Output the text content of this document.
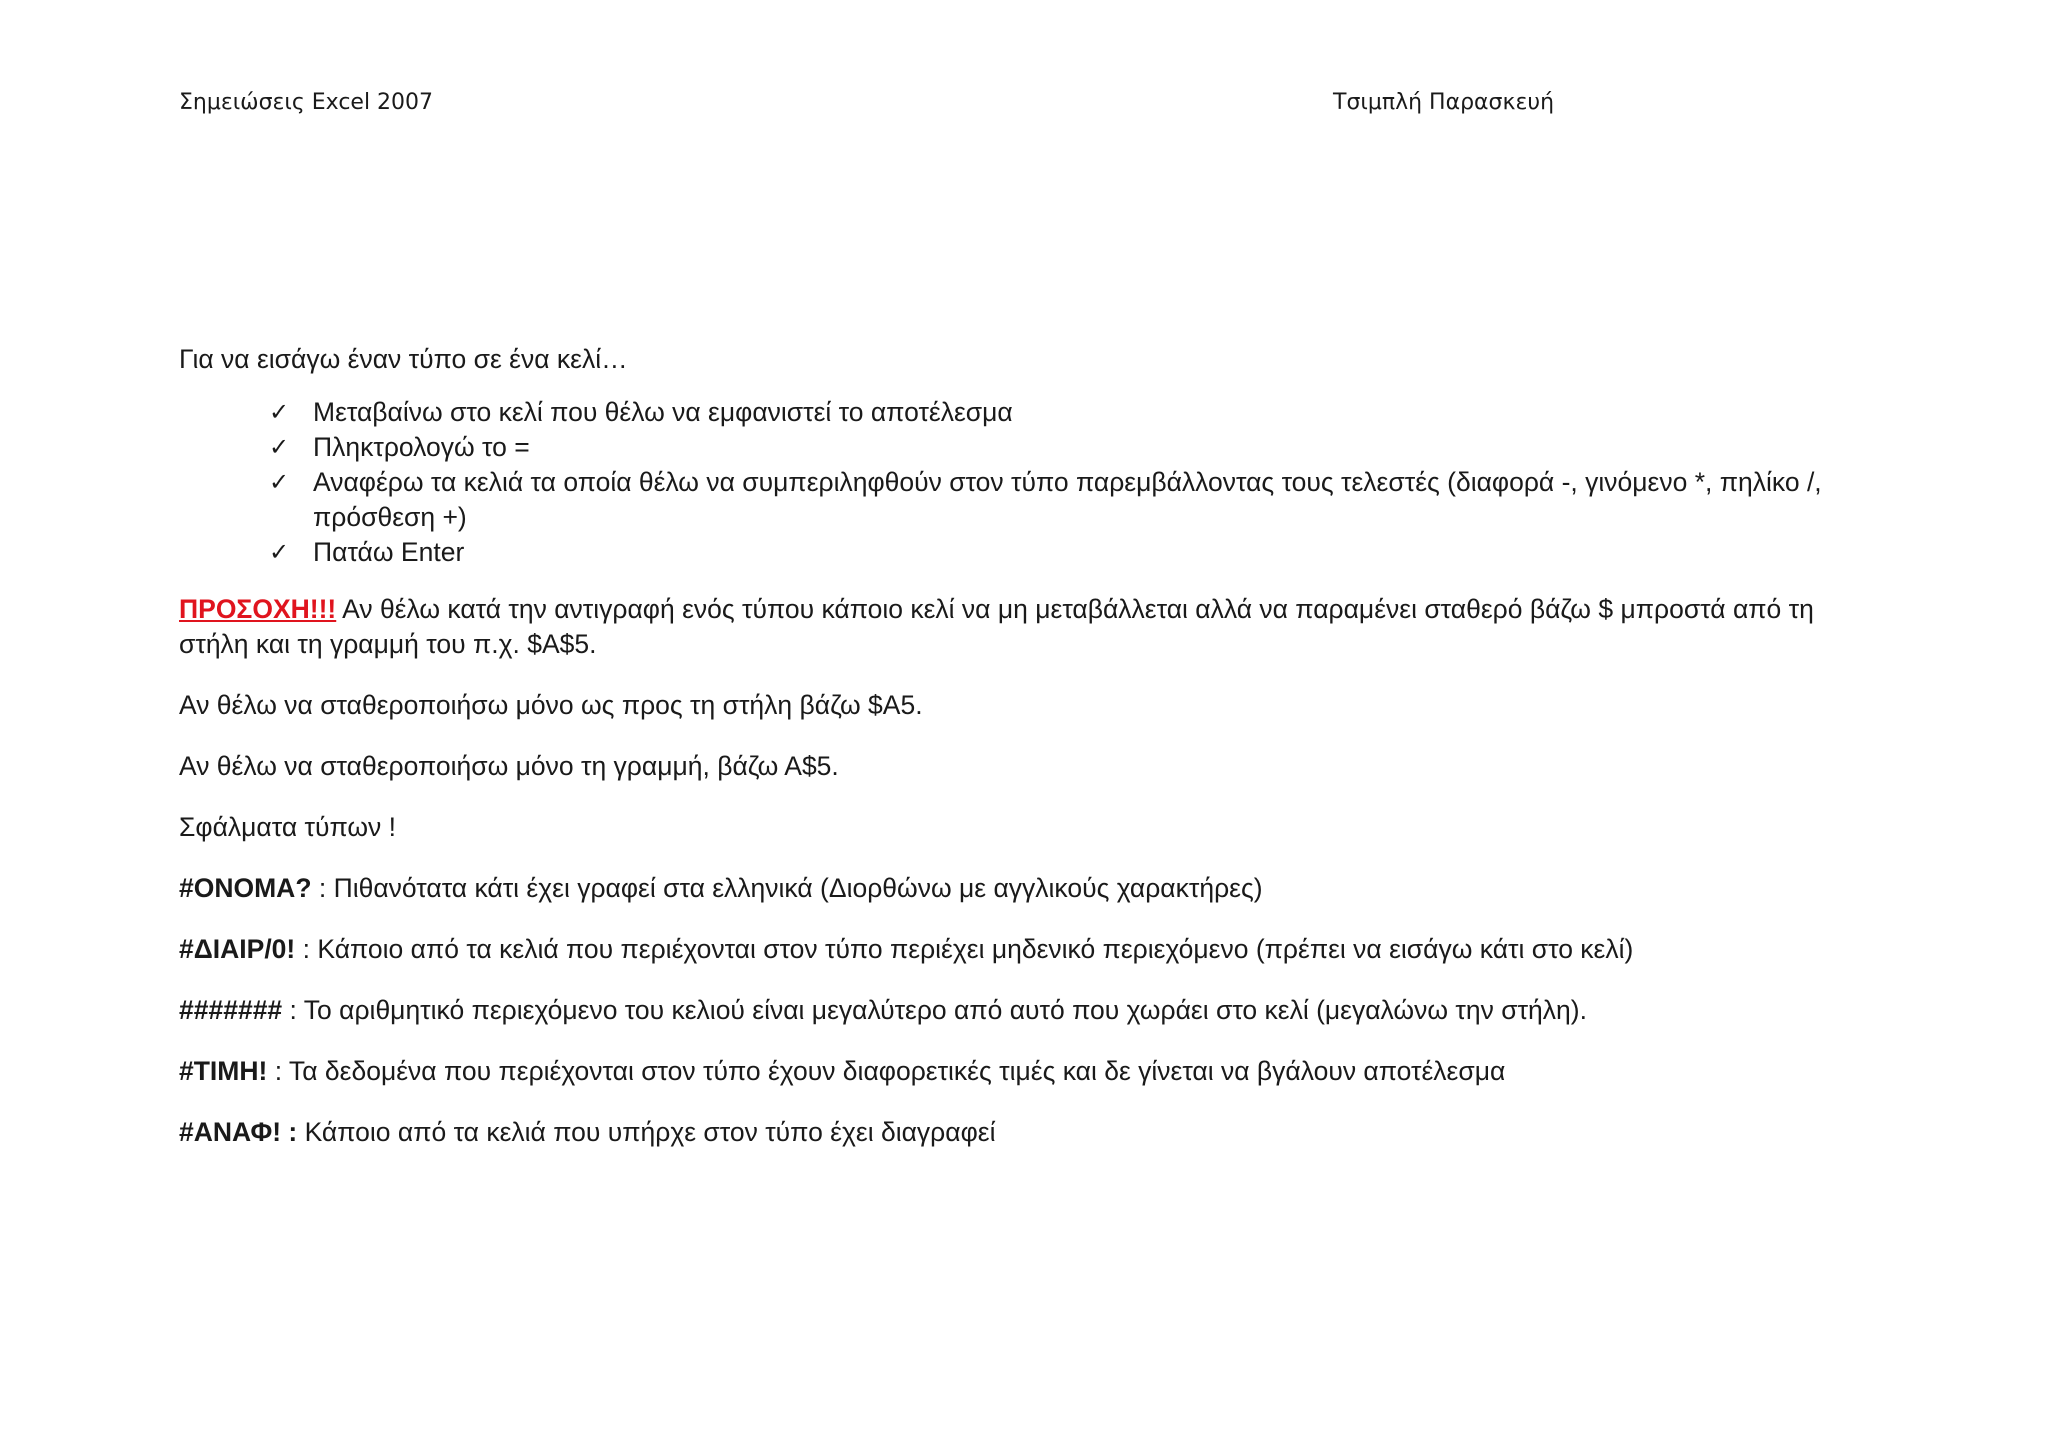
Σημειώσεις Excel 2007	Τσιμπλή Παρασκευή

Για να εισάγω έναν τύπο σε ένα κελί…

✓ Μεταβαίνω στο κελί που θέλω να εμφανιστεί το αποτέλεσμα
✓ Πληκτρολογώ το =
✓ Αναφέρω τα κελιά τα οποία θέλω να συμπεριληφθούν στον τύπο παρεμβάλλοντας τους τελεστές (διαφορά -, γινόμενο *, πηλίκο /, πρόσθεση +)
✓ Πατάω Enter

ΠΡΟΣΟΧΗ!!! Αν θέλω κατά την αντιγραφή ενός τύπου κάποιο κελί να μη μεταβάλλεται αλλά να παραμένει σταθερό βάζω $ μπροστά από τη στήλη και τη γραμμή του π.χ. $Α$5.

Αν θέλω να σταθεροποιήσω μόνο ως προς τη στήλη βάζω $Α5.

Αν θέλω να σταθεροποιήσω μόνο τη γραμμή, βάζω Α$5.

Σφάλματα τύπων !

#ΟΝΟΜΑ? : Πιθανότατα κάτι έχει γραφεί στα ελληνικά (Διορθώνω με αγγλικούς χαρακτήρες)

#ΔΙΑΙΡ/0! : Κάποιο από τα κελιά που περιέχονται στον τύπο περιέχει μηδενικό περιεχόμενο (πρέπει να εισάγω κάτι στο κελί)

####### : Το αριθμητικό περιεχόμενο του κελιού είναι μεγαλύτερο από αυτό που χωράει στο κελί (μεγαλώνω την στήλη).

#ΤΙΜΗ! : Τα δεδομένα που περιέχονται στον τύπο έχουν διαφορετικές τιμές και δε γίνεται να βγάλουν αποτέλεσμα

#ΑΝΑΦ! : Κάποιο από τα κελιά που υπήρχε στον τύπο έχει διαγραφεί
